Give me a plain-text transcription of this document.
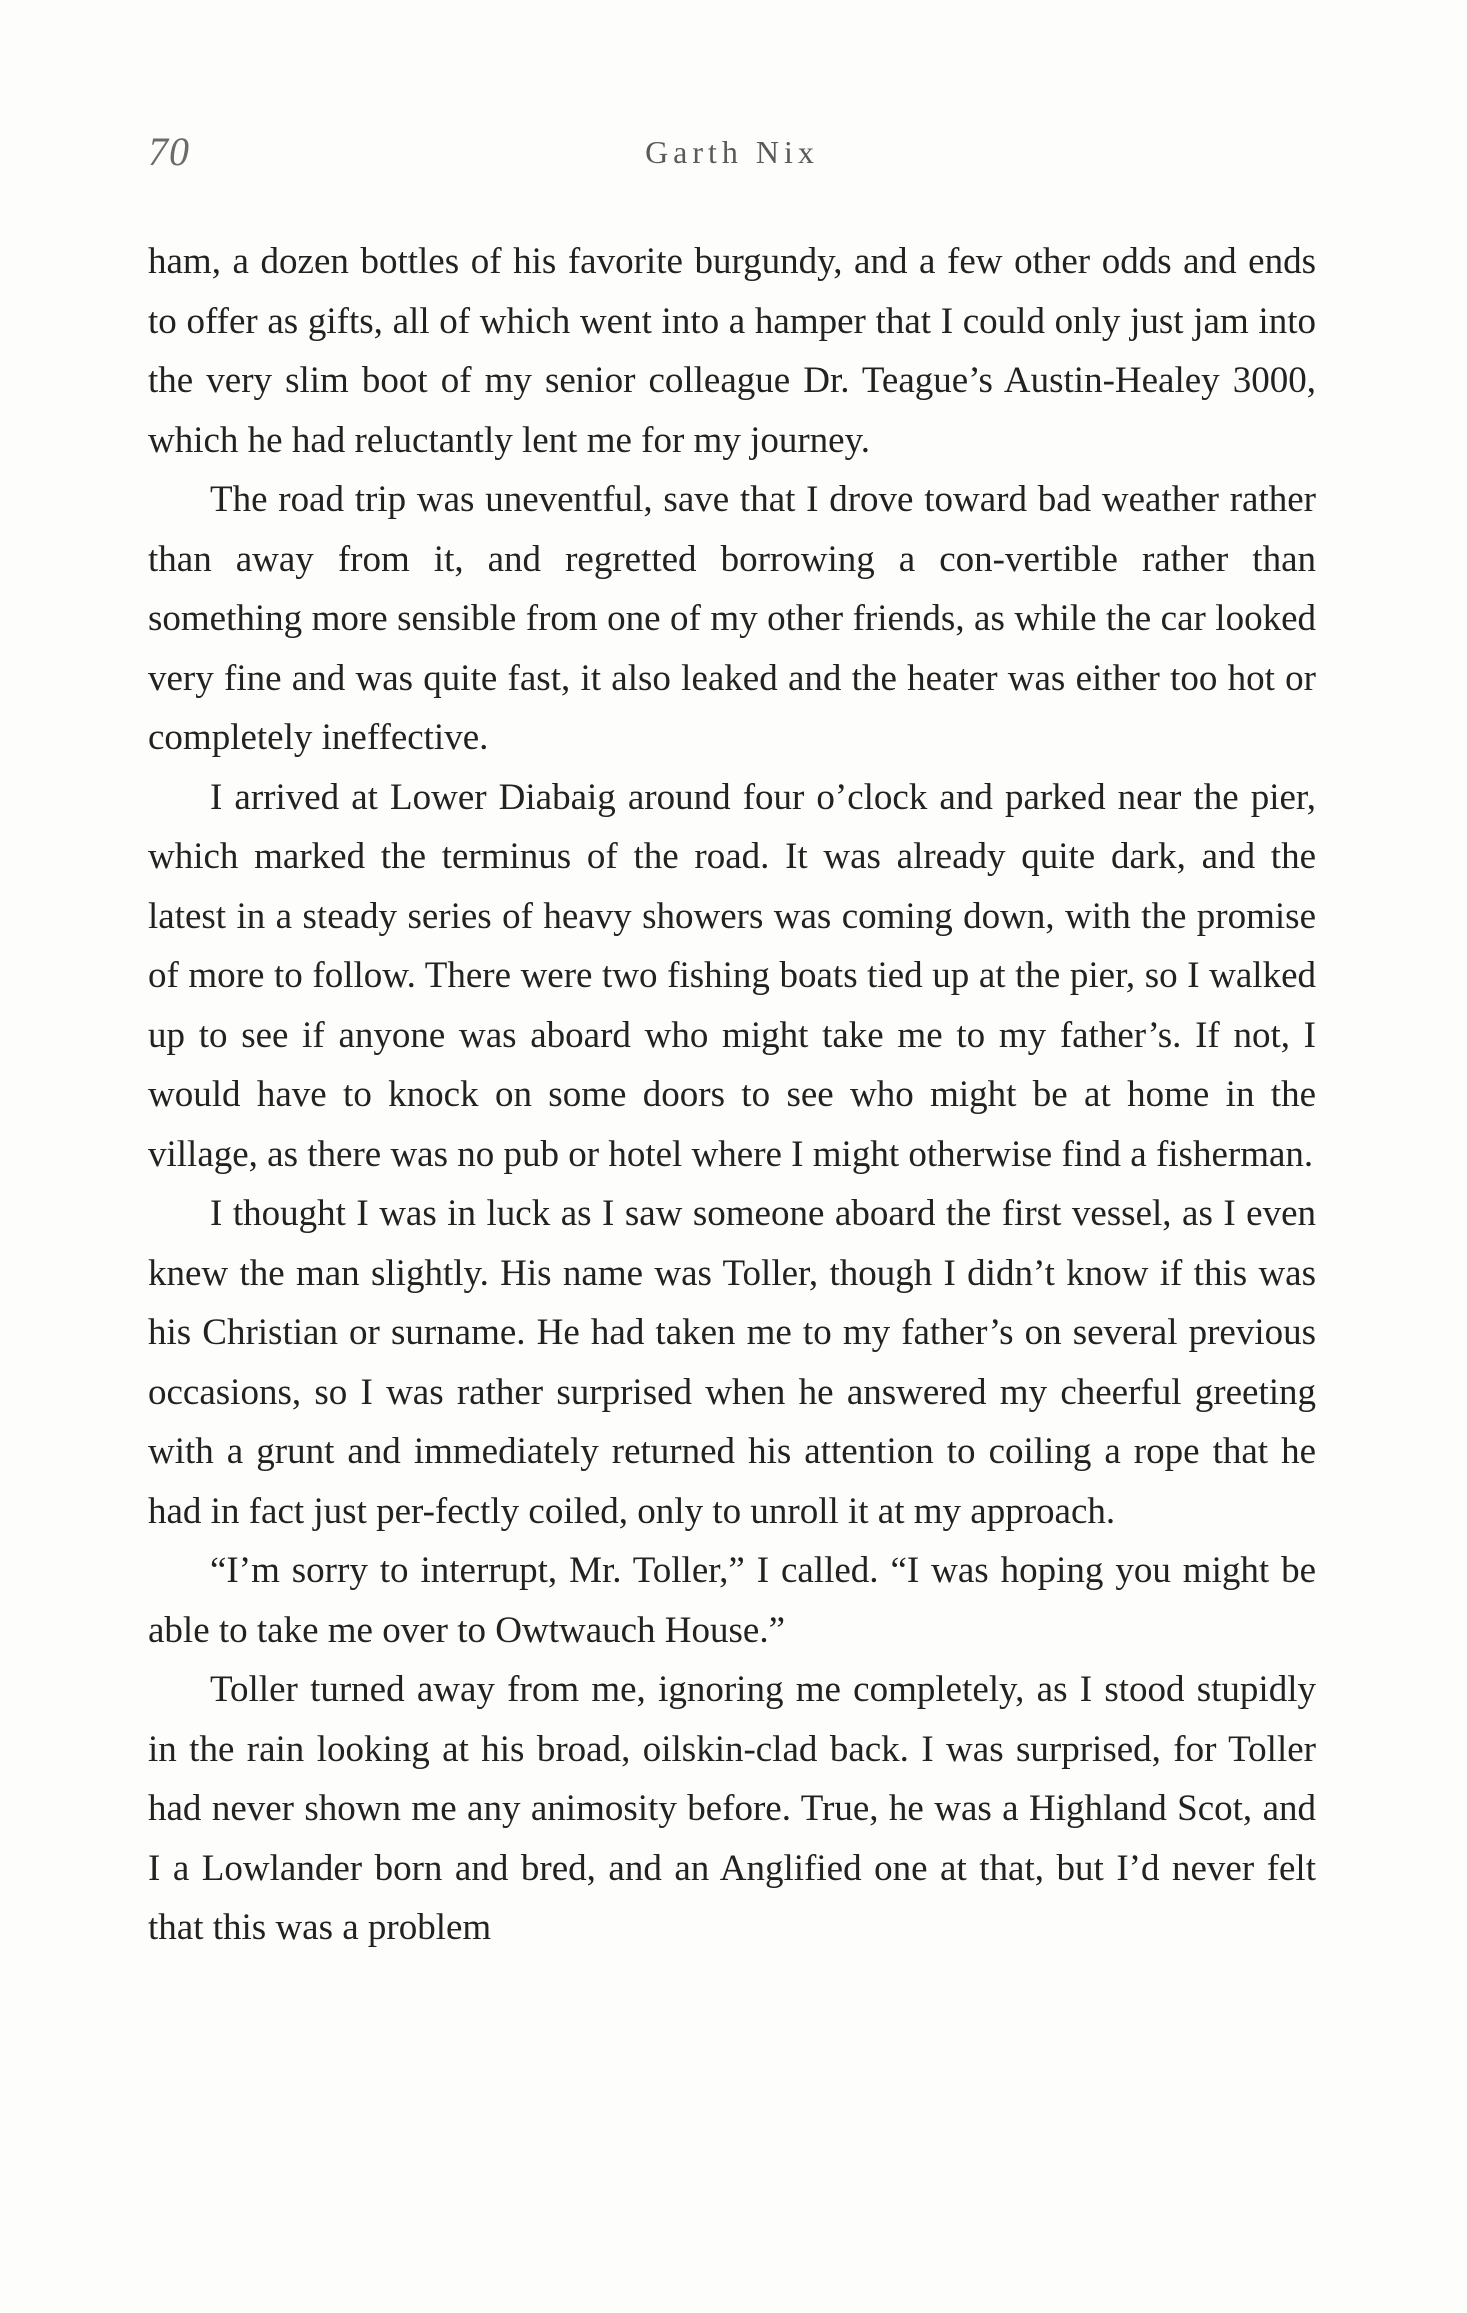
70	Garth Nix

ham, a dozen bottles of his favorite burgundy, and a few other odds and ends to offer as gifts, all of which went into a hamper that I could only just jam into the very slim boot of my senior colleague Dr. Teague’s Austin-Healey 3000, which he had reluctantly lent me for my journey.

The road trip was uneventful, save that I drove toward bad weather rather than away from it, and regretted borrowing a con-vertible rather than something more sensible from one of my other friends, as while the car looked very fine and was quite fast, it also leaked and the heater was either too hot or completely ineffective.

I arrived at Lower Diabaig around four o’clock and parked near the pier, which marked the terminus of the road. It was already quite dark, and the latest in a steady series of heavy showers was coming down, with the promise of more to follow. There were two fishing boats tied up at the pier, so I walked up to see if anyone was aboard who might take me to my father’s. If not, I would have to knock on some doors to see who might be at home in the village, as there was no pub or hotel where I might otherwise find a fisherman.

I thought I was in luck as I saw someone aboard the first vessel, as I even knew the man slightly. His name was Toller, though I didn’t know if this was his Christian or surname. He had taken me to my father’s on several previous occasions, so I was rather surprised when he answered my cheerful greeting with a grunt and immediately returned his attention to coiling a rope that he had in fact just per-fectly coiled, only to unroll it at my approach.

“I’m sorry to interrupt, Mr. Toller,” I called. “I was hoping you might be able to take me over to Owtwauch House.”

Toller turned away from me, ignoring me completely, as I stood stupidly in the rain looking at his broad, oilskin-clad back. I was surprised, for Toller had never shown me any animosity before. True, he was a Highland Scot, and I a Lowlander born and bred, and an Anglified one at that, but I’d never felt that this was a problem
